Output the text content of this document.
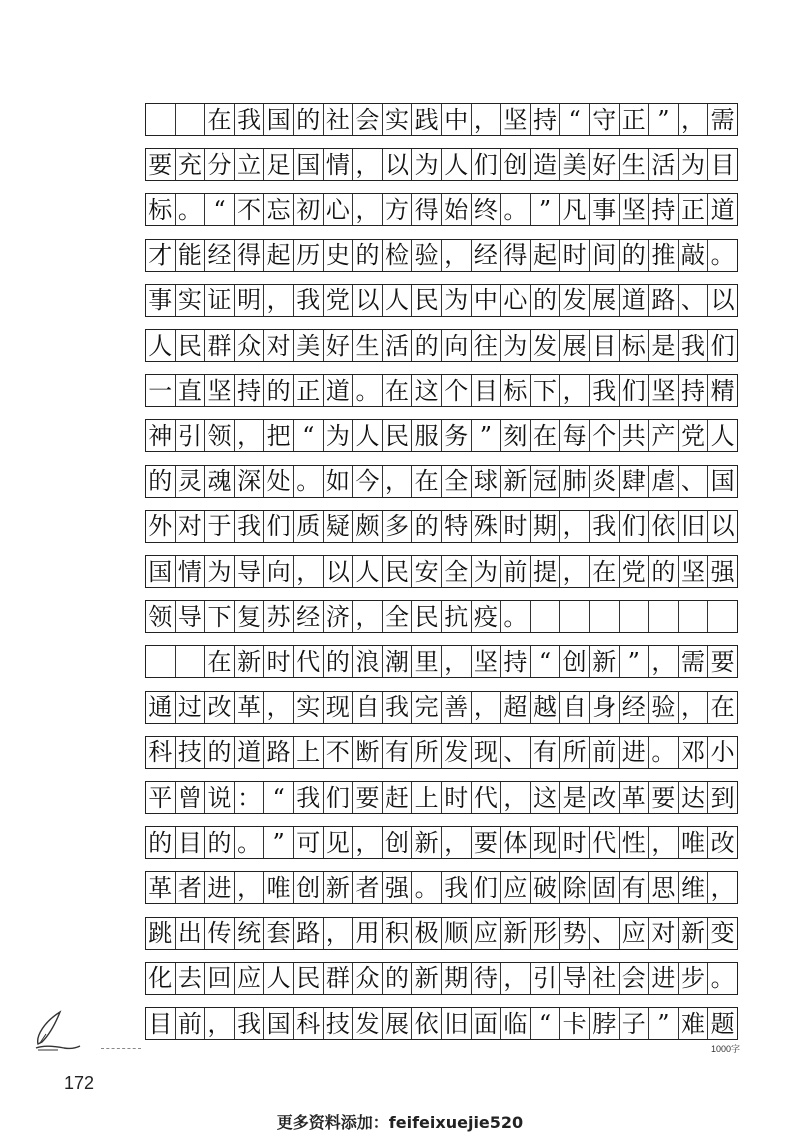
在 我 国 的 社 会 实 践 中 ， 坚 持 “ 守 正 ” ， 需
要 充 分 立 足 国 情 ， 以 为 人 们 创 造 美 好 生 活 为 目
标 。 “ 不 忘 初 心 ， 方 得 始 终 。 ” 凡 事 坚 持 正 道
才 能 经 得 起 历 史 的 检 验 ， 经 得 起 时 间 的 推 敲 。
事 实 证 明 ， 我 党 以 人 民 为 中 心 的 发 展 道 路 、 以
人 民 群 众 对 美 好 生 活 的 向 往 为 发 展 目 标 是 我 们
一 直 坚 持 的 正 道 。 在 这 个 目 标 下 ， 我 们 坚 持 精
神 引 领 ， 把 “ 为 人 民 服 务 ” 刻 在 每 个 共 产 党 人
的 灵 魂 深 处 。 如 今 ， 在 全 球 新 冠 肺 炎 肆 虐 、 国
外 对 于 我 们 质 疑 颇 多 的 特 殊 时 期 ， 我 们 依 旧 以
国 情 为 导 向 ， 以 人 民 安 全 为 前 提 ， 在 党 的 坚 强
领 导 下 复 苏 经 济 ， 全 民 抗 疫 。
在 新 时 代 的 浪 潮 里 ， 坚 持 “ 创 新 ” ， 需 要
通 过 改 革 ， 实 现 自 我 完 善 ， 超 越 自 身 经 验 ， 在
科 技 的 道 路 上 不 断 有 所 发 现 、 有 所 前 进 。 邓 小
平 曾 说 ： “ 我 们 要 赶 上 时 代 ， 这 是 改 革 要 达 到
的 目 的 。 ” 可 见 ， 创 新 ， 要 体 现 时 代 性 ， 唯 改
革 者 进 ， 唯 创 新 者 强 。 我 们 应 破 除 固 有 思 维 ，
跳 出 传 统 套 路 ， 用 积 极 顺 应 新 形 势 、 应 对 新 变
化 去 回 应 人 民 群 众 的 新 期 待 ， 引 导 社 会 进 步 。
目 前 ， 我 国 科 技 发 展 依 旧 面 临 “ 卡 脖 子 ” 难 题
1000字
172
更多资料添加：feifeixuejie520
